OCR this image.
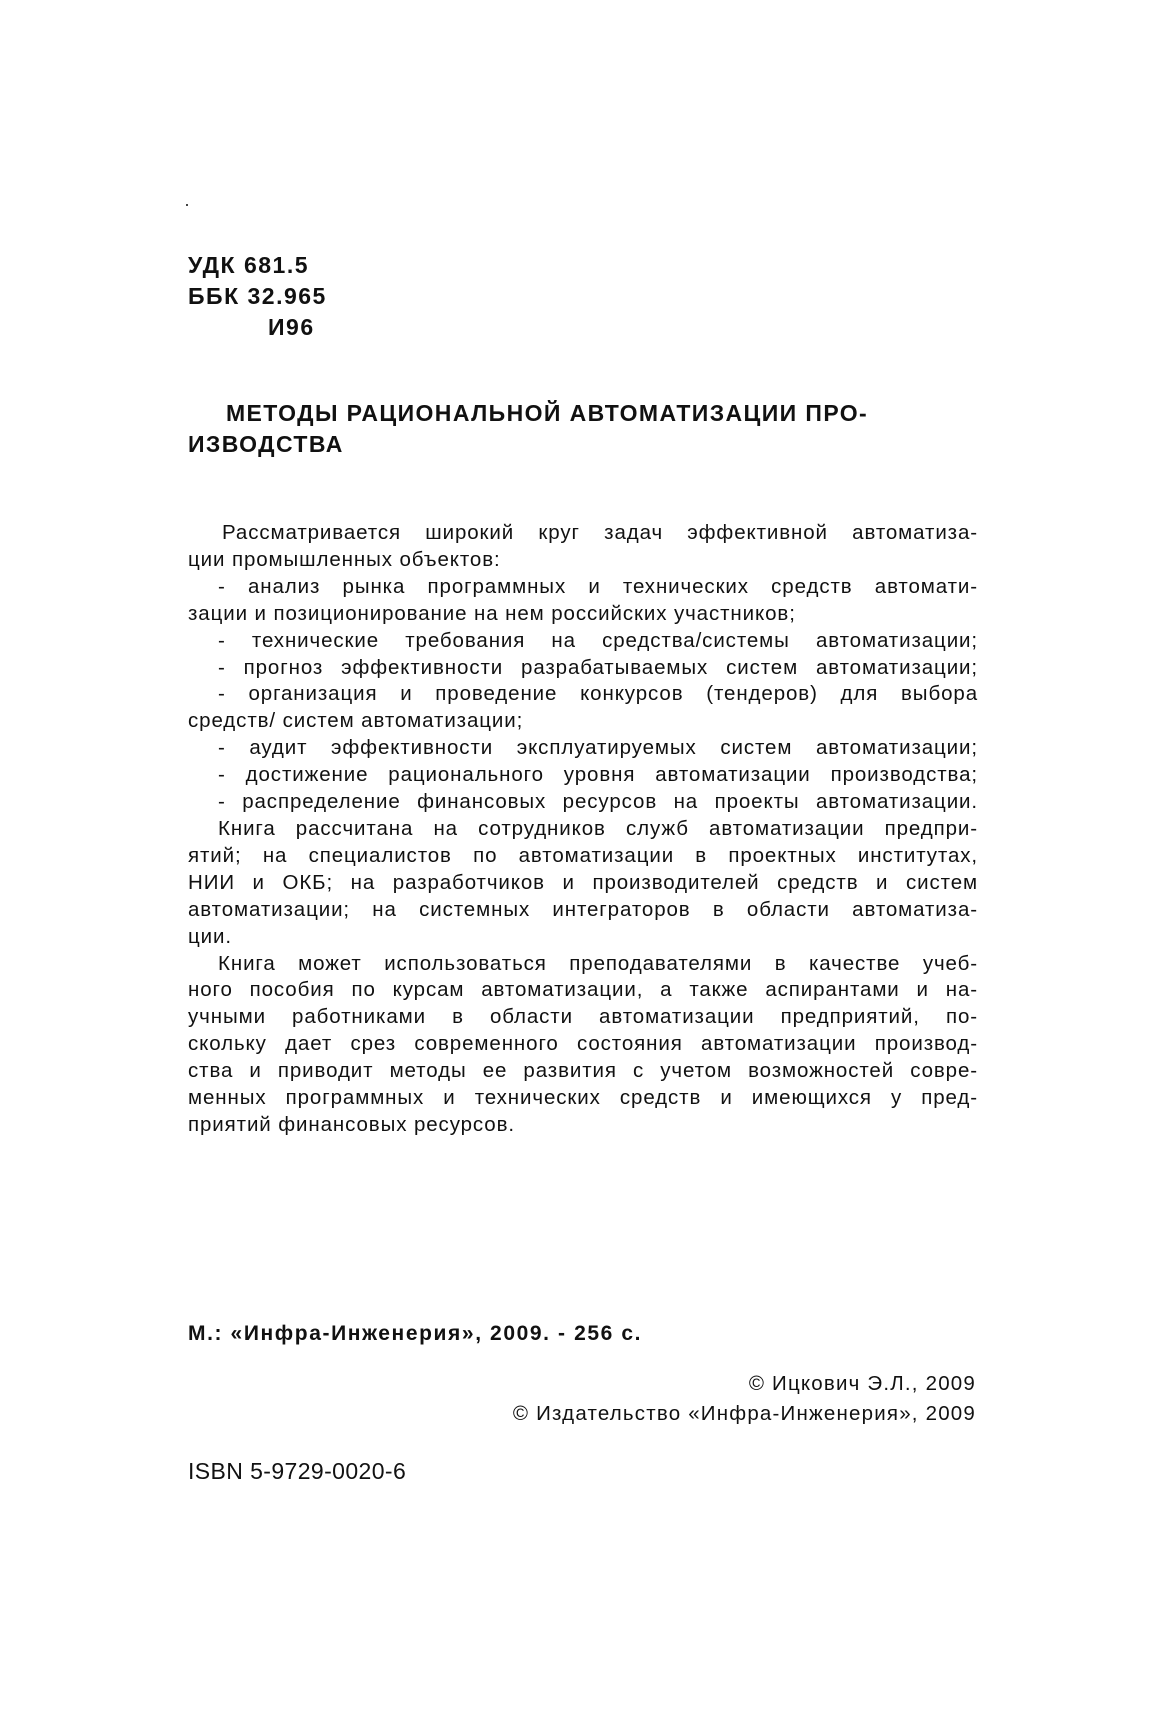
УДК 681.5
ББК 32.965
И96
МЕТОДЫ РАЦИОНАЛЬНОЙ АВТОМАТИЗАЦИИ ПРО-
ИЗВОДСТВА
Рассматривается широкий круг задач эффективной автоматиза-
ции промышленных объектов:
- анализ рынка программных и технических средств автомати-
зации и позиционирование на нем российских участников;
- технические требования на средства/системы автоматизации;
- прогноз эффективности разрабатываемых систем автоматизации;
- организация и проведение конкурсов (тендеров) для выбора
средств/ систем автоматизации;
- аудит эффективности эксплуатируемых систем автоматизации;
- достижение рационального уровня автоматизации производства;
- распределение финансовых ресурсов на проекты автоматизации.
Книга рассчитана на сотрудников служб автоматизации предпри-
ятий; на специалистов по автоматизации в проектных институтах,
НИИ и ОКБ; на разработчиков и производителей средств и систем
автоматизации; на системных интеграторов в области автоматиза-
ции.
Книга может использоваться преподавателями в качестве учеб-
ного пособия по курсам автоматизации, а также аспирантами и на-
учными работниками в области автоматизации предприятий, по-
скольку дает срез современного состояния автоматизации производ-
ства и приводит методы ее развития с учетом возможностей совре-
менных программных и технических средств и имеющихся у пред-
приятий финансовых ресурсов.
М.: «Инфра-Инженерия», 2009. - 256 с.
© Ицкович Э.Л., 2009
© Издательство «Инфра-Инженерия», 2009
ISBN 5-9729-0020-6
